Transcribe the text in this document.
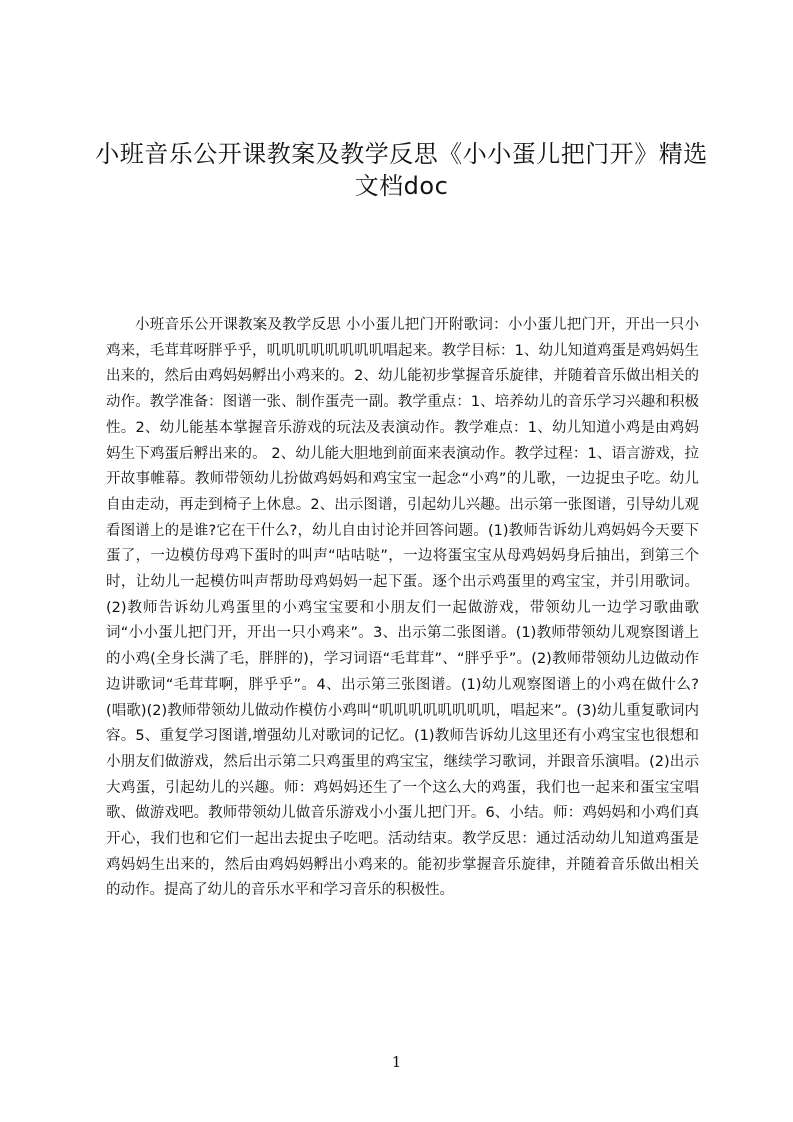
小班音乐公开课教案及教学反思《小小蛋儿把门开》精选文档doc

小班音乐公开课教案及教学反思 小小蛋儿把门开附歌词：小小蛋儿把门开，开出一只小鸡来，毛茸茸呀胖乎乎，叽叽叽叽叽叽叽叽唱起来。教学目标：1、幼儿知道鸡蛋是鸡妈妈生出来的，然后由鸡妈妈孵出小鸡来的。2、幼儿能初步掌握音乐旋律，并随着音乐做出相关的动作。教学准备：图谱一张、制作蛋壳一副。教学重点：1、培养幼儿的音乐学习兴趣和积极性。2、幼儿能基本掌握音乐游戏的玩法及表演动作。教学难点：1、幼儿知道小鸡是由鸡妈妈生下鸡蛋后孵出来的。 2、幼儿能大胆地到前面来表演动作。教学过程：1、语言游戏，拉开故事帷幕。教师带领幼儿扮做鸡妈妈和鸡宝宝一起念“小鸡”的儿歌，一边捉虫子吃。幼儿自由走动，再走到椅子上休息。2、出示图谱，引起幼儿兴趣。出示第一张图谱，引导幼儿观看图谱上的是谁?它在干什么?，幼儿自由讨论并回答问题。(1)教师告诉幼儿鸡妈妈今天要下蛋了，一边模仿母鸡下蛋时的叫声“咕咕哒”，一边将蛋宝宝从母鸡妈妈身后抽出，到第三个时，让幼儿一起模仿叫声帮助母鸡妈妈一起下蛋。逐个出示鸡蛋里的鸡宝宝，并引用歌词。(2)教师告诉幼儿鸡蛋里的小鸡宝宝要和小朋友们一起做游戏，带领幼儿一边学习歌曲歌词“小小蛋儿把门开，开出一只小鸡来”。3、出示第二张图谱。(1)教师带领幼儿观察图谱上的小鸡(全身长满了毛，胖胖的)，学习词语“毛茸茸”、“胖乎乎”。(2)教师带领幼儿边做动作边讲歌词“毛茸茸啊，胖乎乎”。4、出示第三张图谱。(1)幼儿观察图谱上的小鸡在做什么?(唱歌)(2)教师带领幼儿做动作模仿小鸡叫“叽叽叽叽叽叽叽叽，唱起来”。(3)幼儿重复歌词内容。5、重复学习图谱,增强幼儿对歌词的记忆。(1)教师告诉幼儿这里还有小鸡宝宝也很想和小朋友们做游戏，然后出示第二只鸡蛋里的鸡宝宝，继续学习歌词，并跟音乐演唱。(2)出示大鸡蛋，引起幼儿的兴趣。师：鸡妈妈还生了一个这么大的鸡蛋，我们也一起来和蛋宝宝唱歌、做游戏吧。教师带领幼儿做音乐游戏小小蛋儿把门开。6、小结。师：鸡妈妈和小鸡们真开心，我们也和它们一起出去捉虫子吃吧。活动结束。教学反思：通过活动幼儿知道鸡蛋是鸡妈妈生出来的，然后由鸡妈妈孵出小鸡来的。能初步掌握音乐旋律，并随着音乐做出相关的动作。提高了幼儿的音乐水平和学习音乐的积极性。

1
